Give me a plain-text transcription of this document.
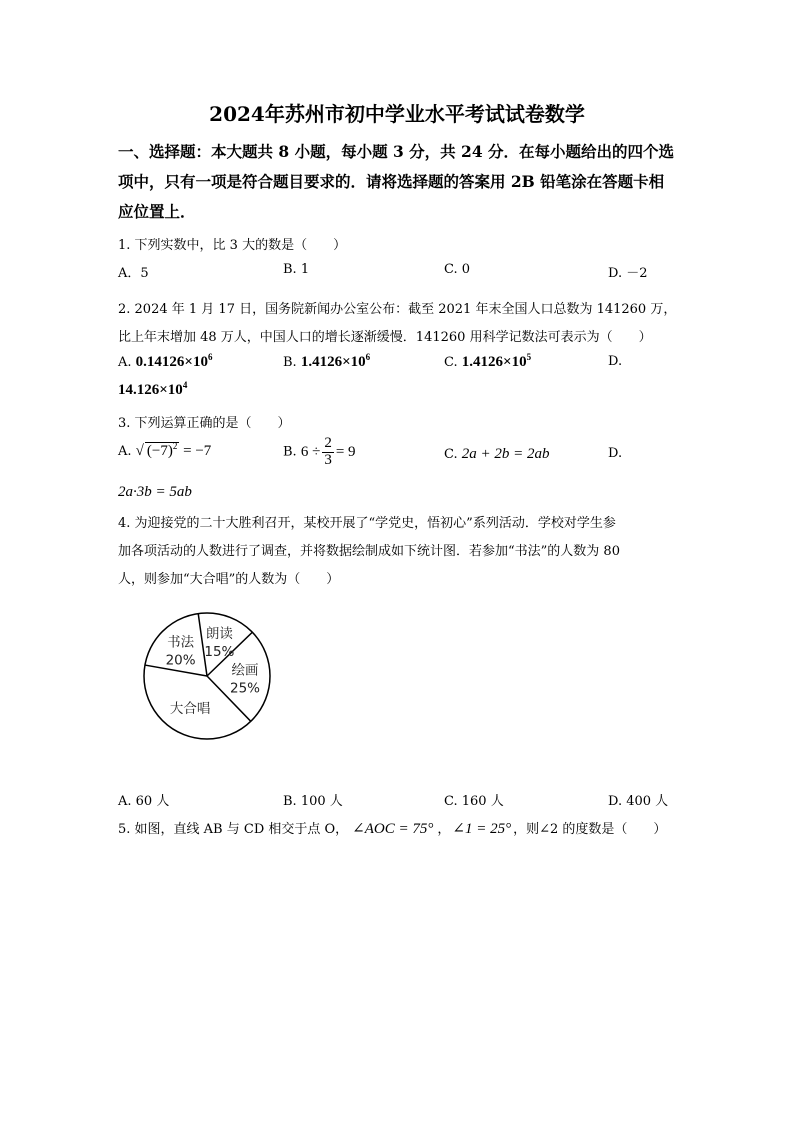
2024年苏州市初中学业水平考试试卷数学
一、选择题：本大题共 8 小题，每小题 3 分，共 24 分．在每小题给出的四个选
项中，只有一项是符合题目要求的．请将选择题的答案用 2B 铅笔涂在答题卡相
应位置上．
1. 下列实数中，比 3 大的数是（　　）
A．5	B. 1	C. 0	D. －2
2. 2024 年 1 月 17 日，国务院新闻办公室公布：截至 2021 年末全国人口总数为 141260 万，
比上年末增加 48 万人，中国人口的增长逐渐缓慢．141260 用科学记数法可表示为（　　）
A. $0.14126\times 10^6$	B. $1.4126\times 10^6$	C. $1.4126\times 10^5$	D.
$14.126\times 10^4$
3. 下列运算正确的是（　　）
A. √ $(-7)^2 = -7$	B. $6 \div \frac{2}{3} = 9$	C. 2a + 2b = 2ab	D.
2a·3b = 5ab
4. 为迎接党的二十大胜利召开，某校开展了“学党史，悟初心”系列活动．学校对学生参
加各项活动的人数进行了调查，并将数据绘制成如下统计图．若参加“书法”的人数为 80
人，则参加“大合唱”的人数为（　　）
书法
20%
朗读
15%
绘画
25%
大合唱
A. 60 人	B. 100 人	C. 160 人	D. 400 人
5. 如图，直线 AB 与 CD 相交于点 O， ∠AOC = 75° ， ∠1 = 25° ，则∠2 的度数是（　　）
